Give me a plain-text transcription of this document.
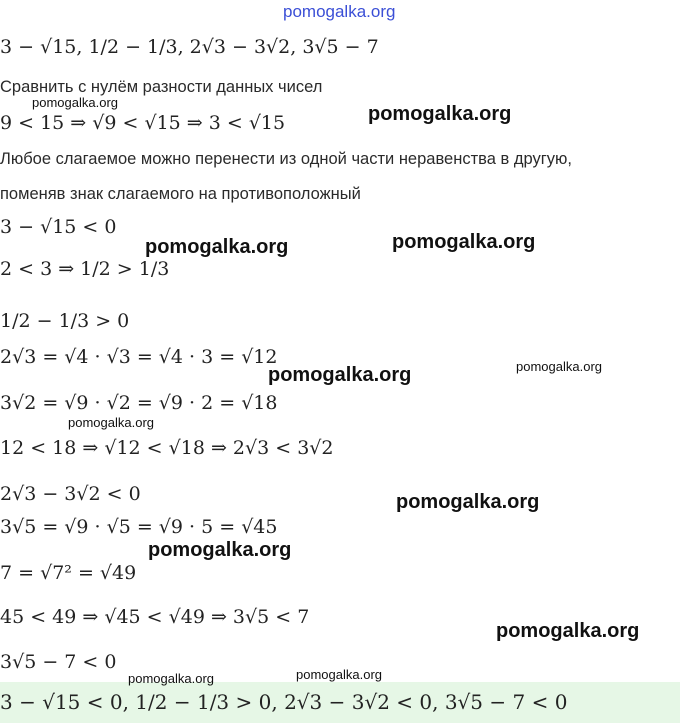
pomogalka.org
3 − √15, 1/2 − 1/3, 2√3 − 3√2, 3√5 − 7
Сравнить с нулём разности данных чисел
9 < 15 ⇒ √9 < √15 ⇒ 3 < √15
Любое слагаемое можно перенести из одной части неравенства в другую,
поменяв знак слагаемого на противоположный
3 − √15 < 0
2 < 3 ⇒ 1/2 > 1/3
1/2 − 1/3 > 0
2√3 = √4 · √3 = √4 · 3 = √12
3√2 = √9 · √2 = √9 · 2 = √18
12 < 18 ⇒ √12 < √18 ⇒ 2√3 < 3√2
2√3 − 3√2 < 0
3√5 = √9 · √5 = √9 · 5 = √45
7 = √7² = √49
45 < 49 ⇒ √45 < √49 ⇒ 3√5 < 7
3√5 − 7 < 0
3 − √15 < 0, 1/2 − 1/3 > 0, 2√3 − 3√2 < 0, 3√5 − 7 < 0
pomogalka.org
pomogalka.org
pomogalka.org	pomogalka.org
pomogalka.org	pomogalka.org
pomogalka.org
pomogalka.org
pomogalka.org
pomogalka.org
pomogalka.org	pomogalka.org
